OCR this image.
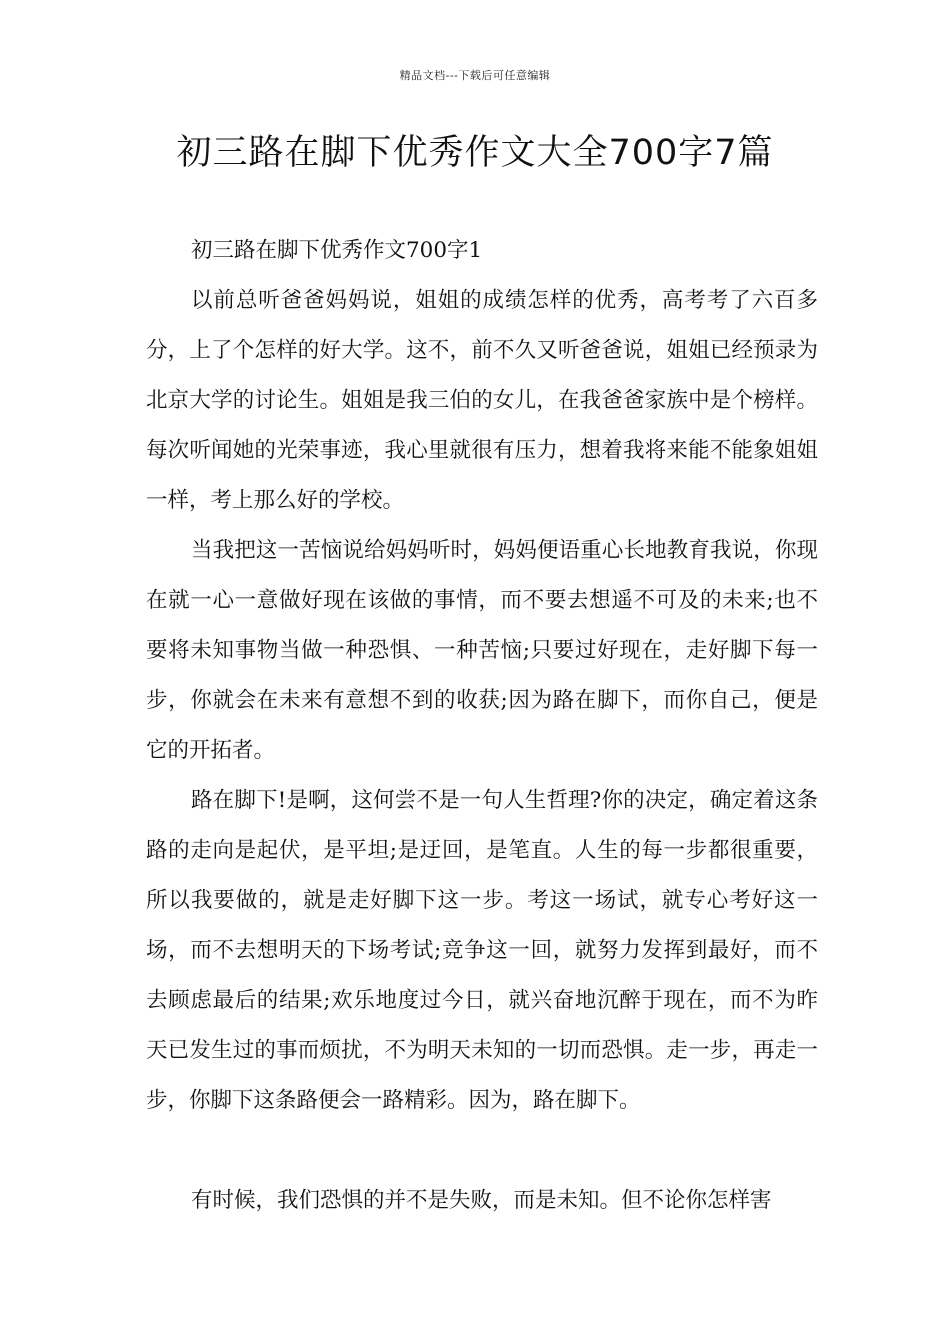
精品文档---下载后可任意编辑
初三路在脚下优秀作文大全700字7篇

初三路在脚下优秀作文700字1

以前总听爸爸妈妈说，姐姐的成绩怎样的优秀，高考考了六百多分，上了个怎样的好大学。这不，前不久又听爸爸说，姐姐已经预录为北京大学的讨论生。姐姐是我三伯的女儿，在我爸爸家族中是个榜样。每次听闻她的光荣事迹，我心里就很有压力，想着我将来能不能象姐姐一样，考上那么好的学校。

当我把这一苦恼说给妈妈听时，妈妈便语重心长地教育我说，你现在就一心一意做好现在该做的事情，而不要去想遥不可及的未来;也不要将未知事物当做一种恐惧、一种苦恼;只要过好现在，走好脚下每一步，你就会在未来有意想不到的收获;因为路在脚下，而你自己，便是它的开拓者。

路在脚下!是啊，这何尝不是一句人生哲理?你的决定，确定着这条路的走向是起伏，是平坦;是迂回，是笔直。人生的每一步都很重要，所以我要做的，就是走好脚下这一步。考这一场试，就专心考好这一场，而不去想明天的下场考试;竞争这一回，就努力发挥到最好，而不去顾虑最后的结果;欢乐地度过今日，就兴奋地沉醉于现在，而不为昨天已发生过的事而烦扰，不为明天未知的一切而恐惧。走一步，再走一步，你脚下这条路便会一路精彩。因为，路在脚下。

有时候，我们恐惧的并不是失败，而是未知。但不论你怎样害
